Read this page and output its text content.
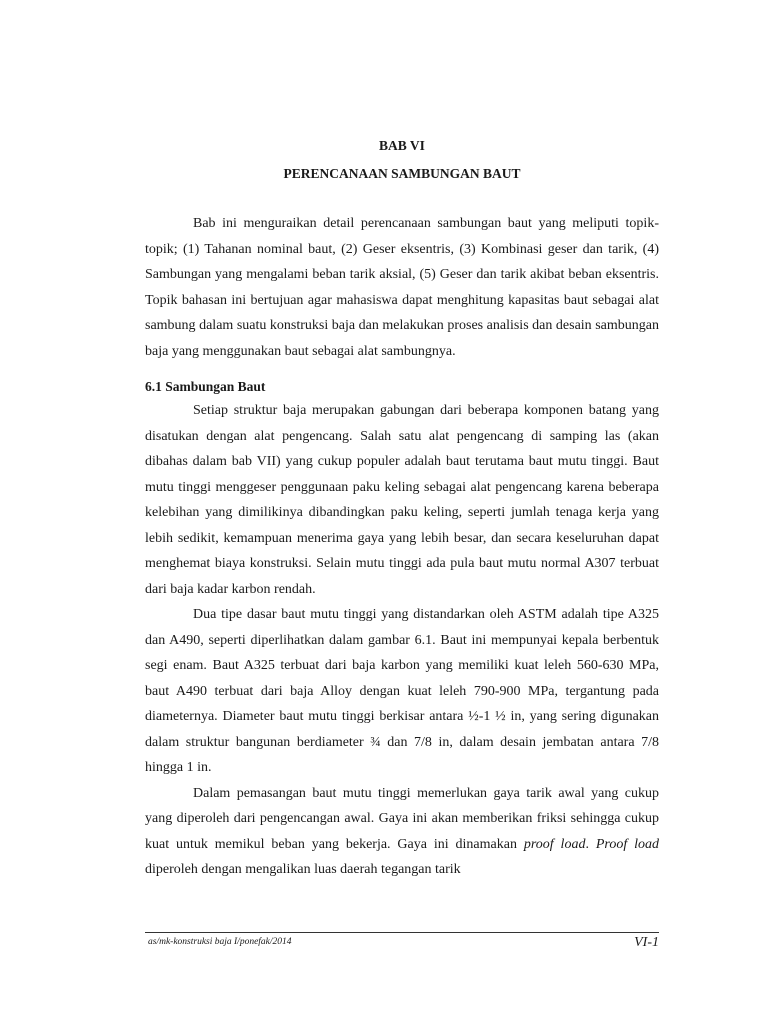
BAB VI
PERENCANAAN SAMBUNGAN BAUT

Bab ini menguraikan detail perencanaan sambungan baut yang meliputi topik-topik; (1) Tahanan nominal baut, (2) Geser eksentris, (3) Kombinasi geser dan tarik, (4) Sambungan yang mengalami beban tarik aksial, (5) Geser dan tarik akibat beban eksentris. Topik bahasan ini bertujuan agar mahasiswa dapat menghitung kapasitas baut sebagai alat sambung dalam suatu konstruksi baja dan melakukan proses analisis dan desain sambungan baja yang menggunakan baut sebagai alat sambungnya.

6.1 Sambungan Baut

Setiap struktur baja merupakan gabungan dari beberapa komponen batang yang disatukan dengan alat pengencang. Salah satu alat pengencang di samping las (akan dibahas dalam bab VII) yang cukup populer adalah baut terutama baut mutu tinggi. Baut mutu tinggi menggeser penggunaan paku keling sebagai alat pengencang karena beberapa kelebihan yang dimilikinya dibandingkan paku keling, seperti jumlah tenaga kerja yang lebih sedikit, kemampuan menerima gaya yang lebih besar, dan secara keseluruhan dapat menghemat biaya konstruksi. Selain mutu tinggi ada pula baut mutu normal A307 terbuat dari baja kadar karbon rendah.

Dua tipe dasar baut mutu tinggi yang distandarkan oleh ASTM adalah tipe A325 dan A490, seperti diperlihatkan dalam gambar 6.1. Baut ini mempunyai kepala berbentuk segi enam. Baut A325 terbuat dari baja karbon yang memiliki kuat leleh 560-630 MPa, baut A490 terbuat dari baja Alloy dengan kuat leleh 790-900 MPa, tergantung pada diameternya. Diameter baut mutu tinggi berkisar antara ½-1 ½ in, yang sering digunakan dalam struktur bangunan berdiameter ¾ dan 7/8 in, dalam desain jembatan antara 7/8 hingga 1 in.

Dalam pemasangan baut mutu tinggi memerlukan gaya tarik awal yang cukup yang diperoleh dari pengencangan awal. Gaya ini akan memberikan friksi sehingga cukup kuat untuk memikul beban yang bekerja. Gaya ini dinamakan proof load. Proof load diperoleh dengan mengalikan luas daerah tegangan tarik

as/mk-konstruksi baja I/ponefak/2014	VI-1
